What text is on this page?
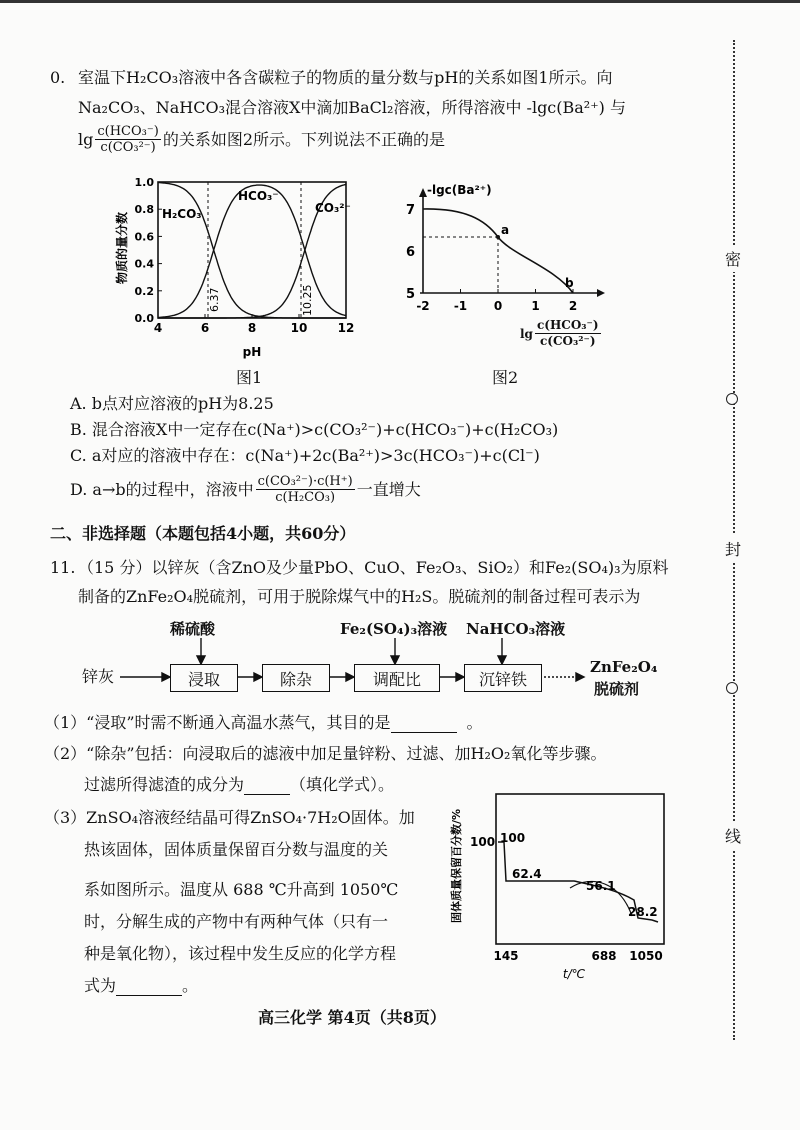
密
封
线
0. 室温下H₂CO₃溶液中各含碳粒子的物质的量分数与pH的关系如图1所示。向
Na₂CO₃、NaHCO₃混合溶液X中滴加BaCl₂溶液，所得溶液中 -lgc(Ba²⁺) 与
$\lg \frac{\text{c(HCO₃⁻)}}{\text{c(CO₃²⁻)}}$ 的关系如图2所示。下列说法不正确的是
物质的量分数
1.0
0.8
0.6
0.4
0.2
0.0
4	6	8	10	12
pH
6.37	10.25
H₂CO₃
HCO₃⁻
CO₃²⁻
图1
-lgc(Ba²⁺)
7
6
5
-2 -1 0 1 2
a
b
$\lg \frac{\text{c(HCO₃⁻)}}{\text{c(CO₃²⁻)}}$
图2
A. b点对应溶液的pH为8.25
B. 混合溶液X中一定存在c(Na⁺)>c(CO₃²⁻)+c(HCO₃⁻)+c(H₂CO₃)
C. a对应的溶液中存在：c(Na⁺)+2c(Ba²⁺)>3c(HCO₃⁻)+c(Cl⁻)
D. a→b的过程中，溶液中 $\frac{\text{c(CO₃²⁻)·c(H⁺)}}{\text{c(H₂CO₃)}}$ 一直增大
二、非选择题（本题包括4小题，共60分）
11. （15 分）以锌灰（含ZnO及少量PbO、CuO、Fe₂O₃、SiO₂）和Fe₂(SO₄)₃为原料
制备的ZnFe₂O₄脱硫剂，可用于脱除煤气中的H₂S。脱硫剂的制备过程可表示为
稀硫酸	Fe₂(SO₄)₃溶液 NaHCO₃溶液
锌灰	浸取	除杂	调配比	沉锌铁
ZnFe₂O₄
脱硫剂
（1）“浸取”时需不断通入高温水蒸气，其目的是	。
（2）“除杂”包括：向浸取后的滤液中加足量锌粉、过滤、加H₂O₂氧化等步骤。
过滤所得滤渣的成分为	（填化学式）。
（3）ZnSO₄溶液经结晶可得ZnSO₄·7H₂O固体。加
热该固体，固体质量保留百分数与温度的关
系如图所示。温度从 688 ℃升高到 1050℃
时，分解生成的产物中有两种气体（只有一
种是氧化物），该过程中发生反应的化学方程
式为	。
固体质量保留百分数/% 100 100
62.4
56.1
28.2
145	688 1050
t/℃
高三化学 第4页（共8页）
